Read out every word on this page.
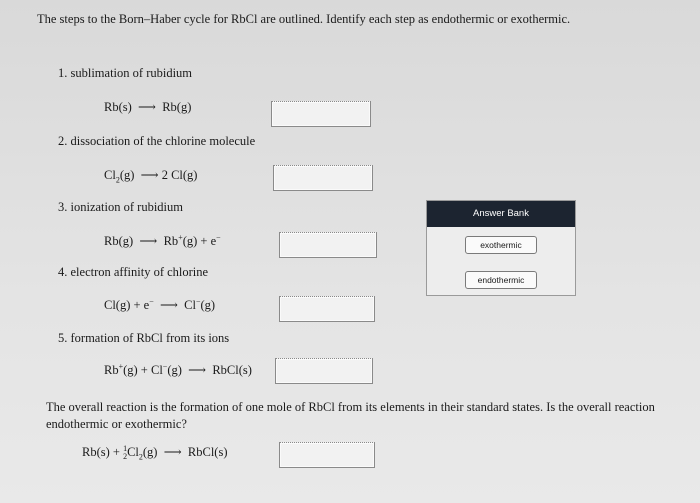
The steps to the Born–Haber cycle for RbCl are outlined. Identify each step as endothermic or exothermic.
1. sublimation of rubidium
Rb(s) ⟶ Rb(g)
2. dissociation of the chlorine molecule
$Cl_2(g)$ ⟶ 2 Cl(g)
3. ionization of rubidium
Rb(g) ⟶ Rb+(g) + e−
4. electron affinity of chlorine
Cl(g) + e− ⟶ Cl−(g)
5. formation of RbCl from its ions
Rb+(g) + Cl−(g) ⟶ RbCl(s)
The overall reaction is the formation of one mole of RbCl from its elements in their standard states. Is the overall reaction endothermic or exothermic?
Rb(s) + 1
$2Cl_2(g)$ ⟶ RbCl(s)
Answer Bank
exothermic
endothermic
